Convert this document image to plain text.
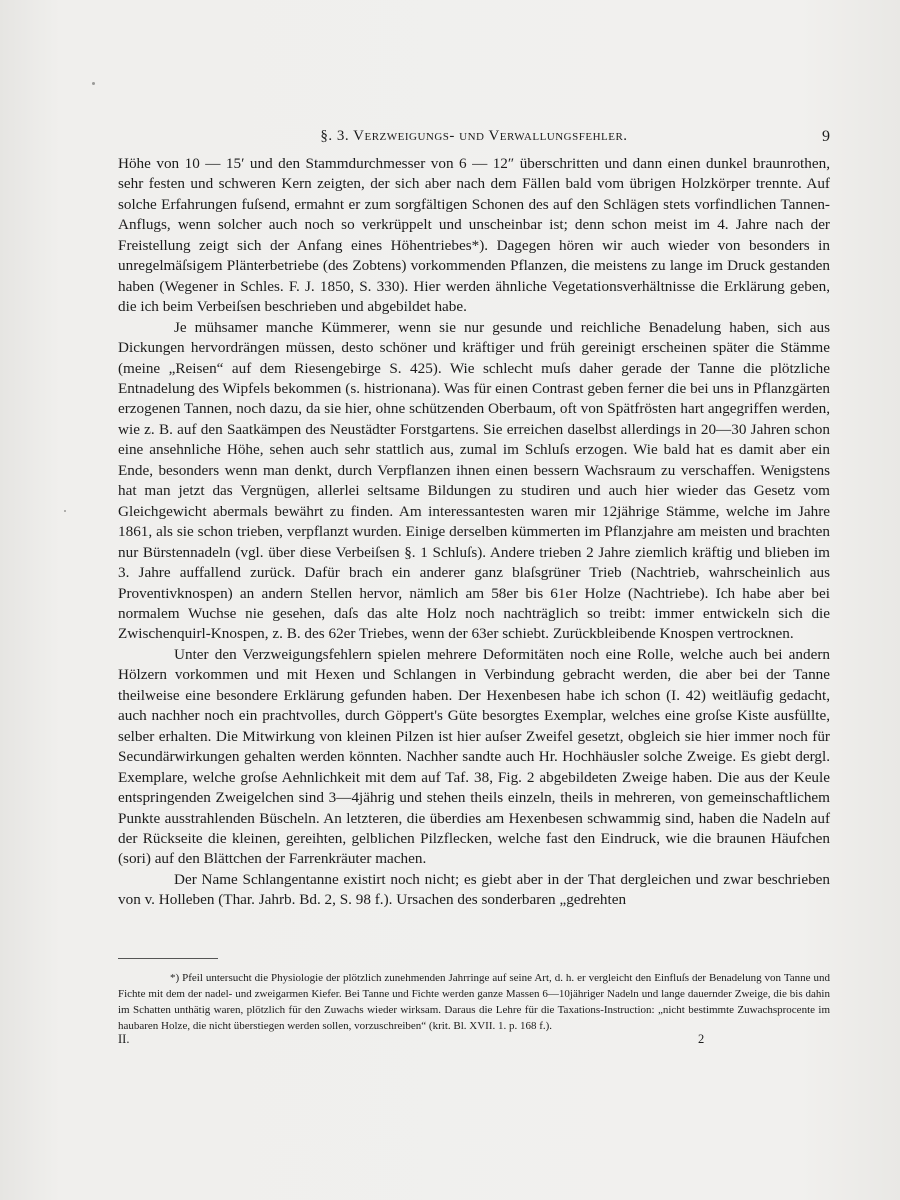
§. 3. Verzweigungs- und Verwallungsfehler.	9

Höhe von 10 — 15′ und den Stammdurchmesser von 6 — 12″ überschritten und dann einen dunkel braunrothen, sehr festen und schweren Kern zeigten, der sich aber nach dem Fällen bald vom übrigen Holzkörper trennte. Auf solche Erfahrungen fuſsend, ermahnt er zum sorgfältigen Schonen des auf den Schlägen stets vorfindlichen Tannen-Anflugs, wenn solcher auch noch so verkrüppelt und unscheinbar ist; denn schon meist im 4. Jahre nach der Freistellung zeigt sich der Anfang eines Höhentriebes*). Dagegen hören wir auch wieder von besonders in unregelmäſsigem Plänterbetriebe (des Zobtens) vorkommenden Pflanzen, die meistens zu lange im Druck gestanden haben (Wegener in Schles. F. J. 1850, S. 330). Hier werden ähnliche Vegetationsverhältnisse die Erklärung geben, die ich beim Verbeiſsen beschrieben und abgebildet habe.

Je mühsamer manche Kümmerer, wenn sie nur gesunde und reichliche Benadelung haben, sich aus Dickungen hervordrängen müssen, desto schöner und kräftiger und früh gereinigt erscheinen später die Stämme (meine „Reisen“ auf dem Riesengebirge S. 425). Wie schlecht muſs daher gerade der Tanne die plötzliche Entnadelung des Wipfels bekommen (s. histrionana). Was für einen Contrast geben ferner die bei uns in Pflanzgärten erzogenen Tannen, noch dazu, da sie hier, ohne schützenden Oberbaum, oft von Spätfrösten hart angegriffen werden, wie z. B. auf den Saatkämpen des Neustädter Forstgartens. Sie erreichen daselbst allerdings in 20—30 Jahren schon eine ansehnliche Höhe, sehen auch sehr stattlich aus, zumal im Schluſs erzogen. Wie bald hat es damit aber ein Ende, besonders wenn man denkt, durch Verpflanzen ihnen einen bessern Wachsraum zu verschaffen. Wenigstens hat man jetzt das Vergnügen, allerlei seltsame Bildungen zu studiren und auch hier wieder das Gesetz vom Gleichgewicht abermals bewährt zu finden. Am interessantesten waren mir 12jährige Stämme, welche im Jahre 1861, als sie schon trieben, verpflanzt wurden. Einige derselben kümmerten im Pflanzjahre am meisten und brachten nur Bürstennadeln (vgl. über diese Verbeiſsen §. 1 Schluſs). Andere trieben 2 Jahre ziemlich kräftig und blieben im 3. Jahre auffallend zurück. Dafür brach ein anderer ganz blaſsgrüner Trieb (Nachtrieb, wahrscheinlich aus Proventivknospen) an andern Stellen hervor, nämlich am 58er bis 61er Holze (Nachtriebe). Ich habe aber bei normalem Wuchse nie gesehen, daſs das alte Holz noch nachträglich so treibt: immer entwickeln sich die Zwischenquirl-Knospen, z. B. des 62er Triebes, wenn der 63er schiebt. Zurückbleibende Knospen vertrocknen.

Unter den Verzweigungsfehlern spielen mehrere Deformitäten noch eine Rolle, welche auch bei andern Hölzern vorkommen und mit Hexen und Schlangen in Verbindung gebracht werden, die aber bei der Tanne theilweise eine besondere Erklärung gefunden haben. Der Hexenbesen habe ich schon (I. 42) weitläufig gedacht, auch nachher noch ein prachtvolles, durch Göppert's Güte besorgtes Exemplar, welches eine groſse Kiste ausfüllte, selber erhalten. Die Mitwirkung von kleinen Pilzen ist hier auſser Zweifel gesetzt, obgleich sie hier immer noch für Secundärwirkungen gehalten werden könnten. Nachher sandte auch Hr. Hochhäusler solche Zweige. Es giebt dergl. Exemplare, welche groſse Aehnlichkeit mit dem auf Taf. 38, Fig. 2 abgebildeten Zweige haben. Die aus der Keule entspringenden Zweigelchen sind 3—4jährig und stehen theils einzeln, theils in mehreren, von gemeinschaftlichem Punkte ausstrahlenden Büscheln. An letzteren, die überdies am Hexenbesen schwammig sind, haben die Nadeln auf der Rückseite die kleinen, gereihten, gelblichen Pilzflecken, welche fast den Eindruck, wie die braunen Häufchen (sori) auf den Blättchen der Farrenkräuter machen.

Der Name Schlangentanne existirt noch nicht; es giebt aber in der That dergleichen und zwar beschrieben von v. Holleben (Thar. Jahrb. Bd. 2, S. 98 f.). Ursachen des sonderbaren „gedrehten

*) Pfeil untersucht die Physiologie der plötzlich zunehmenden Jahrringe auf seine Art, d. h. er vergleicht den Einfluſs der Benadelung von Tanne und Fichte mit dem der nadel- und zweigarmen Kiefer. Bei Tanne und Fichte werden ganze Massen 6—10jähriger Nadeln und lange dauernder Zweige, die bis dahin im Schatten unthätig waren, plötzlich für den Zuwachs wieder wirksam. Daraus die Lehre für die Taxations-Instruction: „nicht bestimmte Zuwachsprocente im haubaren Holze, die nicht überstiegen werden sollen, vorzuschreiben“ (krit. Bl. XVII. 1. p. 168 f.).
II.	2
